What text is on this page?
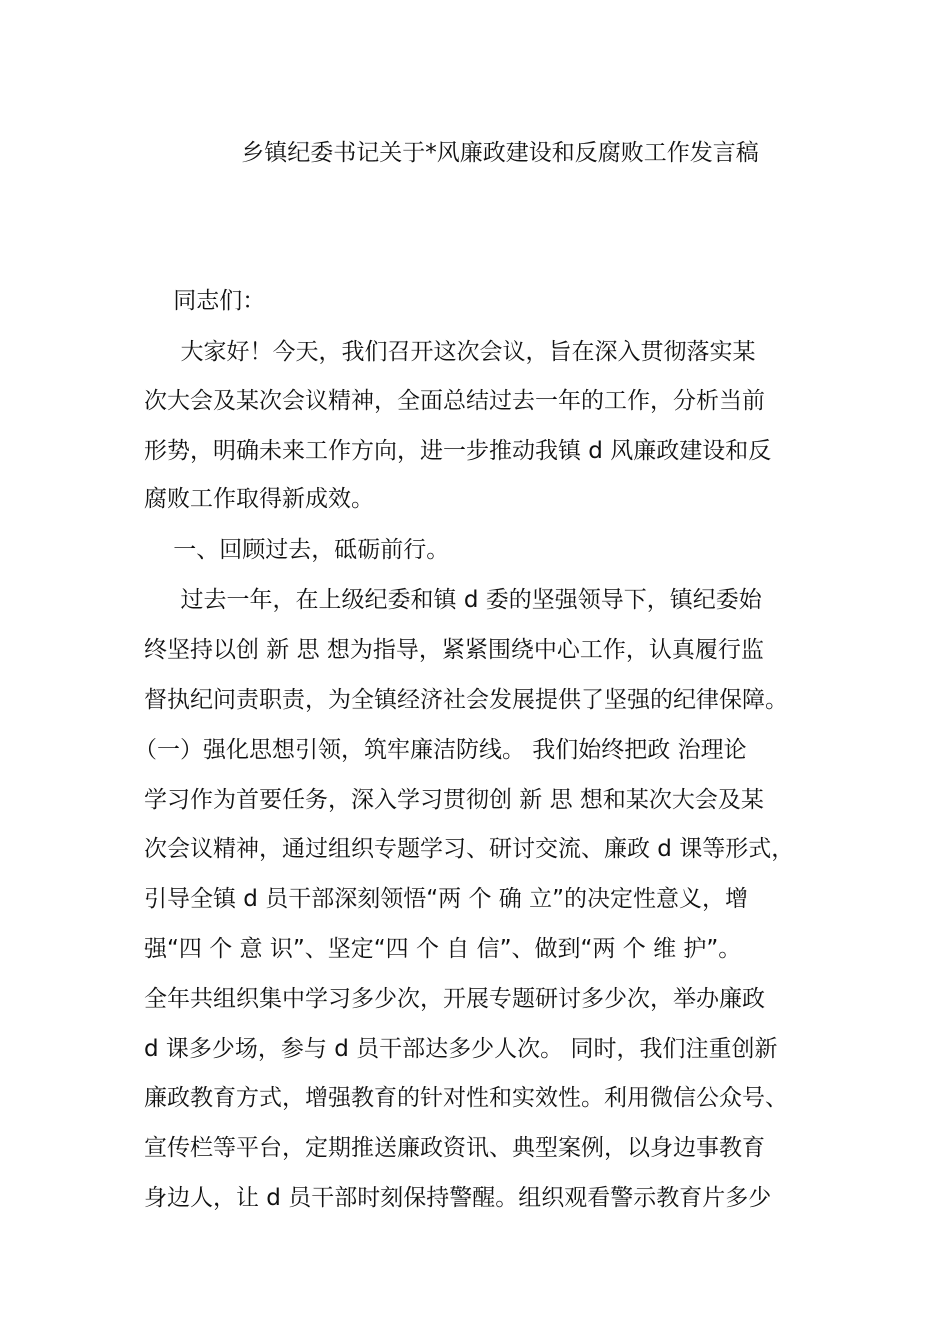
乡镇纪委书记关于*风廉政建设和反腐败工作发言稿
同志们：
大家好！今天，我们召开这次会议，旨在深入贯彻落实某
次大会及某次会议精神，全面总结过去一年的工作，分析当前
形势，明确未来工作方向，进一步推动我镇 d 风廉政建设和反
腐败工作取得新成效。
一、回顾过去，砥砺前行。
过去一年，在上级纪委和镇 d 委的坚强领导下，镇纪委始
终坚持以创 新 思 想为指导，紧紧围绕中心工作，认真履行监
督执纪问责职责，为全镇经济社会发展提供了坚强的纪律保障。
（一）强化思想引领，筑牢廉洁防线。 我们始终把政 治理论
学习作为首要任务，深入学习贯彻创 新 思 想和某次大会及某
次会议精神，通过组织专题学习、研讨交流、廉政 d 课等形式，
引导全镇 d 员干部深刻领悟“两 个 确 立”的决定性意义，增
强“四 个 意 识”、坚定“四 个 自 信”、做到“两 个 维 护”。
全年共组织集中学习多少次，开展专题研讨多少次，举办廉政
d 课多少场，参与 d 员干部达多少人次。 同时，我们注重创新
廉政教育方式，增强教育的针对性和实效性。利用微信公众号、
宣传栏等平台，定期推送廉政资讯、典型案例，以身边事教育
身边人，让 d 员干部时刻保持警醒。组织观看警示教育片多少
